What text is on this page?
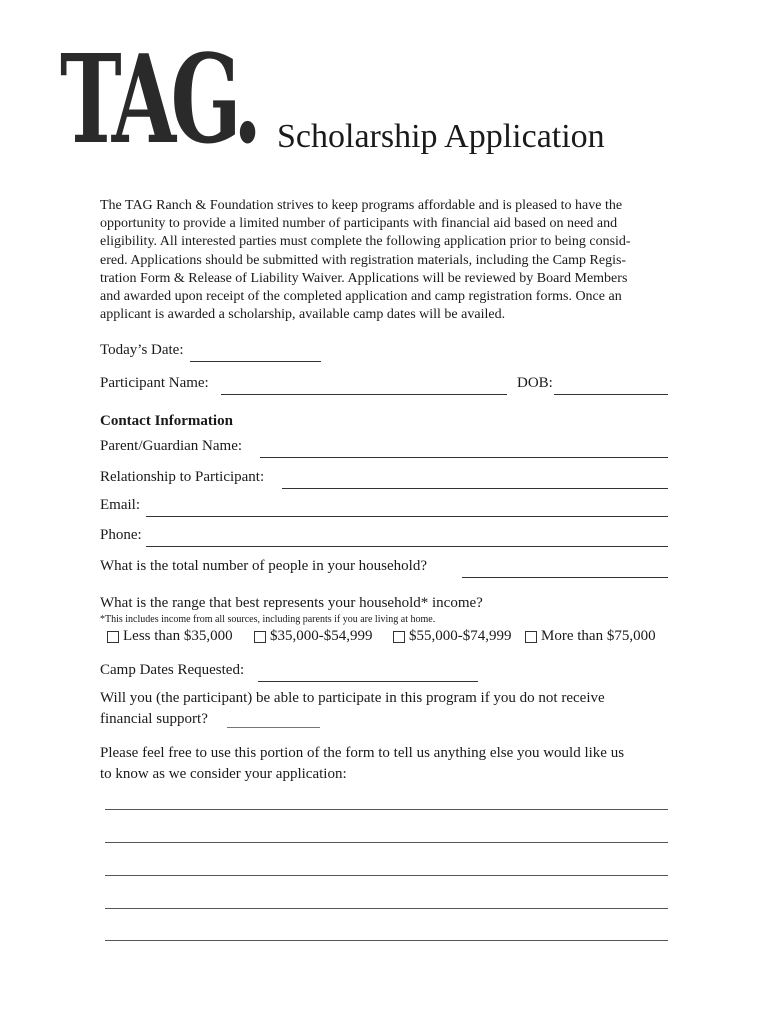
TAG. Scholarship Application
The TAG Ranch & Foundation strives to keep programs affordable and is pleased to have the
opportunity to provide a limited number of participants with financial aid based on need and
eligibility. All interested parties must complete the following application prior to being consid-
ered. Applications should be submitted with registration materials, including the Camp Regis-
tration Form & Release of Liability Waiver. Applications will be reviewed by Board Members
and awarded upon receipt of the completed application and camp registration forms. Once an
applicant is awarded a scholarship, available camp dates will be availed.
Today’s Date:
Participant Name:	DOB:
Contact Information
Parent/Guardian Name:
Relationship to Participant:
Email:
Phone:
What is the total number of people in your household?
What is the range that best represents your household* income?
*This includes income from all sources, including parents if you are living at home.
Less than $35,000 $35,000-$54,999 $55,000-$74,999 More than $75,000
Camp Dates Requested:
Will you (the participant) be able to participate in this program if you do not receive
financial support?
Please feel free to use this portion of the form to tell us anything else you would like us
to know as we consider your application:
